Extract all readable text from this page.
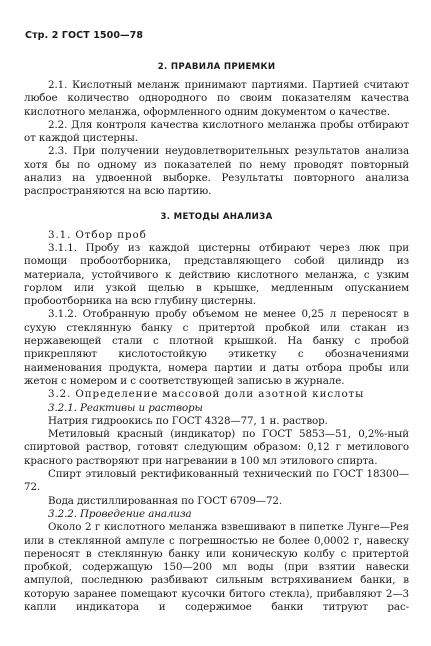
Стр. 2 ГОСТ 1500—78
2. ПРАВИЛА ПРИЕМКИ

2.1. Кислотный меланж принимают партиями. Партией считают любое количество однородного по своим показателям качества кислотного меланжа, оформленного одним документом о качестве.

2.2. Для контроля качества кислотного меланжа пробы отбирают от каждой цистерны.

2.3. При получении неудовлетворительных результатов анализа хотя бы по одному из показателей по нему проводят повторный анализ на удвоенной выборке. Результаты повторного анализа распространяются на всю партию.

3. МЕТОДЫ АНАЛИЗА

3.1. Отбор проб

3.1.1. Пробу из каждой цистерны отбирают через люк при помощи пробоотборника, представляющего собой цилиндр из материала, устойчивого к действию кислотного меланжа, с узким горлом или узкой щелью в крышке, медленным опусканием пробоотборника на всю глубину цистерны.

3.1.2. Отобранную пробу объемом не менее 0,25 л переносят в сухую стеклянную банку с притертой пробкой или стакан из нержавеющей стали с плотной крышкой. На банку с пробой прикрепляют кислотостойкую этикетку с обозначениями наименования продукта, номера партии и даты отбора пробы или жетон с номером и с соответствующей записью в журнале.

3.2. Определение массовой доли азотной кислоты

3.2.1. Реактивы и растворы

Натрия гидроокись по ГОСТ 4328—77, 1 н. раствор.

Метиловый красный (индикатор) по ГОСТ 5853—51, 0,2%-ный спиртовой раствор, готовят следующим образом: 0,12 г метилового красного растворяют при нагревании в 100 мл этилового спирта.

Спирт этиловый ректификованный технический по ГОСТ 18300—72.

Вода дистиллированная по ГОСТ 6709—72.

3.2.2. Проведение анализа

Около 2 г кислотного меланжа взвешивают в пипетке Лунге—Рея или в стеклянной ампуле с погрешностью не более 0,0002 г, навеску переносят в стеклянную банку или коническую колбу с притертой пробкой, содержащую 150—200 мл воды (при взятии навески ампулой, последнюю разбивают сильным встряхиванием банки, в которую заранее помещают кусочки битого стекла), прибавляют 2—3 капли индикатора и содержимое банки титруют рас-
